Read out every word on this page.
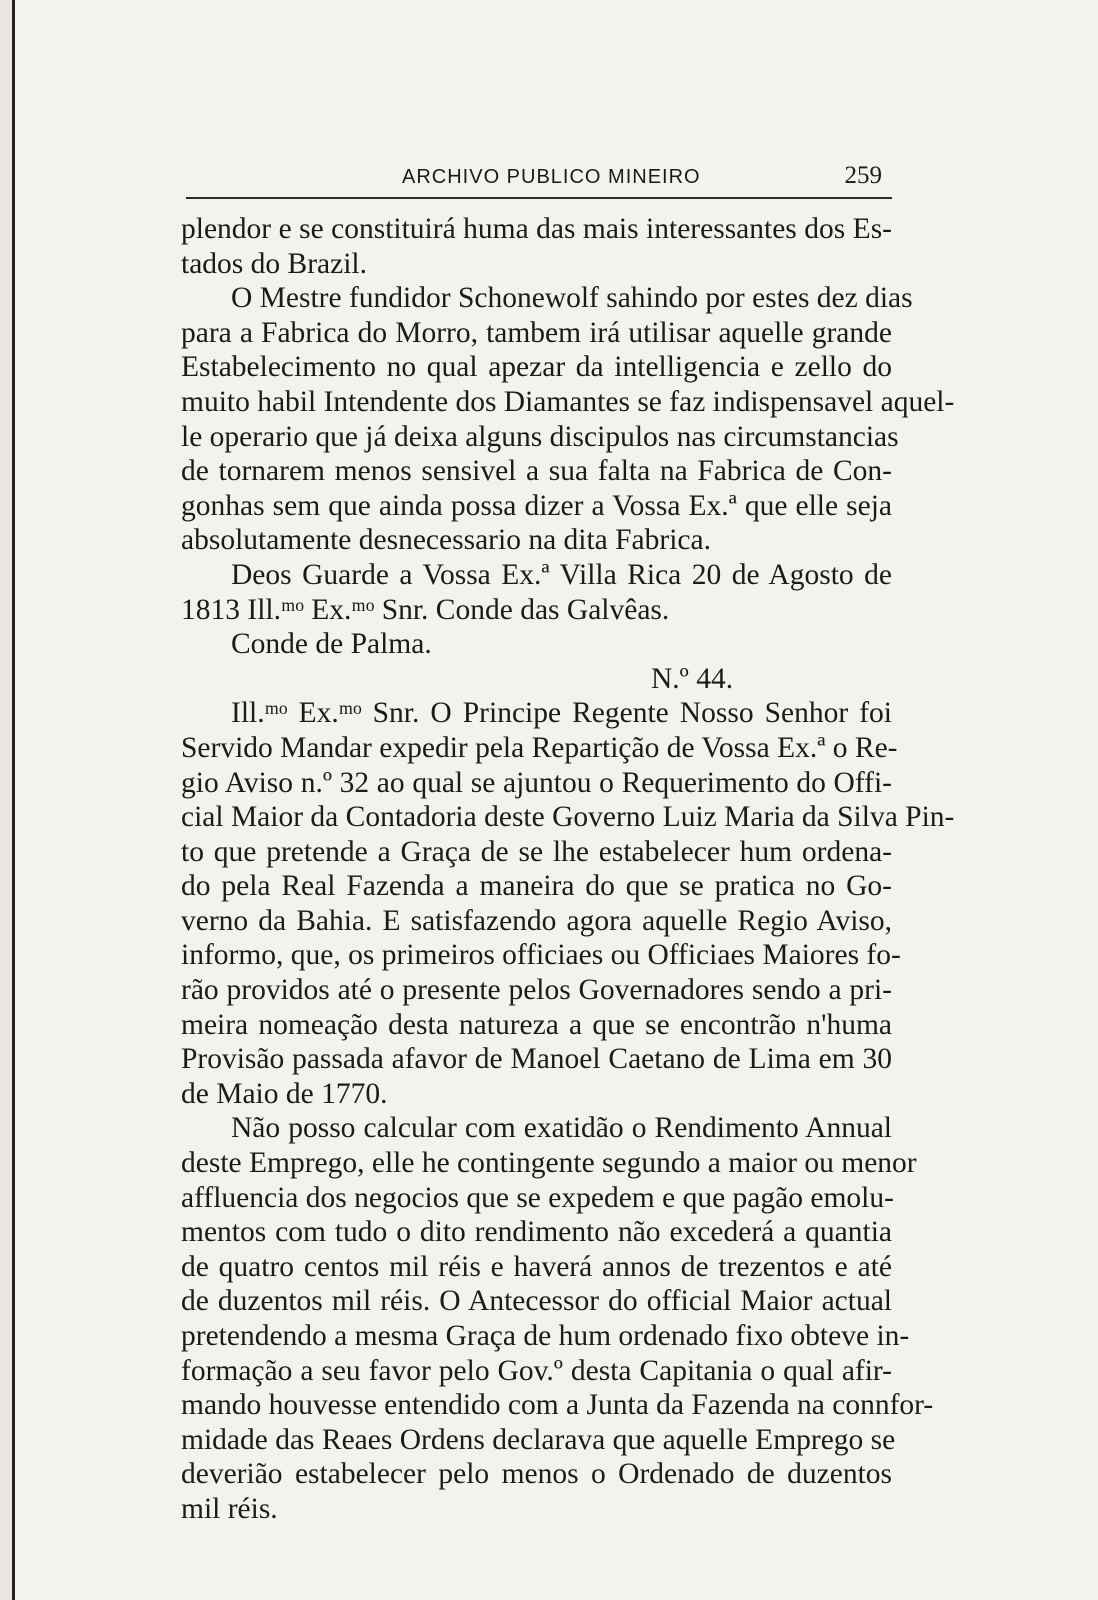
ARCHIVO PUBLICO MINEIRO	259
plendor e se constituirá huma das mais interessantes dos Es-
tados do Brazil.
O Mestre fundidor Schonewolf sahindo por estes dez dias
para a Fabrica do Morro, tambem irá utilisar aquelle grande
Estabelecimento no qual apezar da intelligencia e zello do
muito habil Intendente dos Diamantes se faz indispensavel aquel-
le operario que já deixa alguns discipulos nas circumstancias
de tornarem menos sensivel a sua falta na Fabrica de Con-
gonhas sem que ainda possa dizer a Vossa Ex.ª que elle seja
absolutamente desnecessario na dita Fabrica.
Deos Guarde a Vossa Ex.ª Villa Rica 20 de Agosto de
1813 Ill.ᵐᵒ Ex.ᵐᵒ Snr. Conde das Galvêas.
Conde de Palma.
N.º 44.
Ill.ᵐᵒ Ex.ᵐᵒ Snr. O Principe Regente Nosso Senhor foi
Servido Mandar expedir pela Repartição de Vossa Ex.ª o Re-
gio Aviso n.º 32 ao qual se ajuntou o Requerimento do Offi-
cial Maior da Contadoria deste Governo Luiz Maria da Silva Pin-
to que pretende a Graça de se lhe estabelecer hum ordena-
do pela Real Fazenda a maneira do que se pratica no Go-
verno da Bahia. E satisfazendo agora aquelle Regio Aviso,
informo, que, os primeiros officiaes ou Officiaes Maiores fo-
rão providos até o presente pelos Governadores sendo a pri-
meira nomeação desta natureza a que se encontrão n'huma
Provisão passada afavor de Manoel Caetano de Lima em 30
de Maio de 1770.
Não posso calcular com exatidão o Rendimento Annual
deste Emprego, elle he contingente segundo a maior ou menor
affluencia dos negocios que se expedem e que pagão emolu-
mentos com tudo o dito rendimento não excederá a quantia
de quatro centos mil réis e haverá annos de trezentos e até
de duzentos mil réis. O Antecessor do official Maior actual
pretendendo a mesma Graça de hum ordenado fixo obteve in-
formação a seu favor pelo Gov.º desta Capitania o qual afir-
mando houvesse entendido com a Junta da Fazenda na connfor-
midade das Reaes Ordens declarava que aquelle Emprego se
deverião estabelecer pelo menos o Ordenado de duzentos
mil réis.
